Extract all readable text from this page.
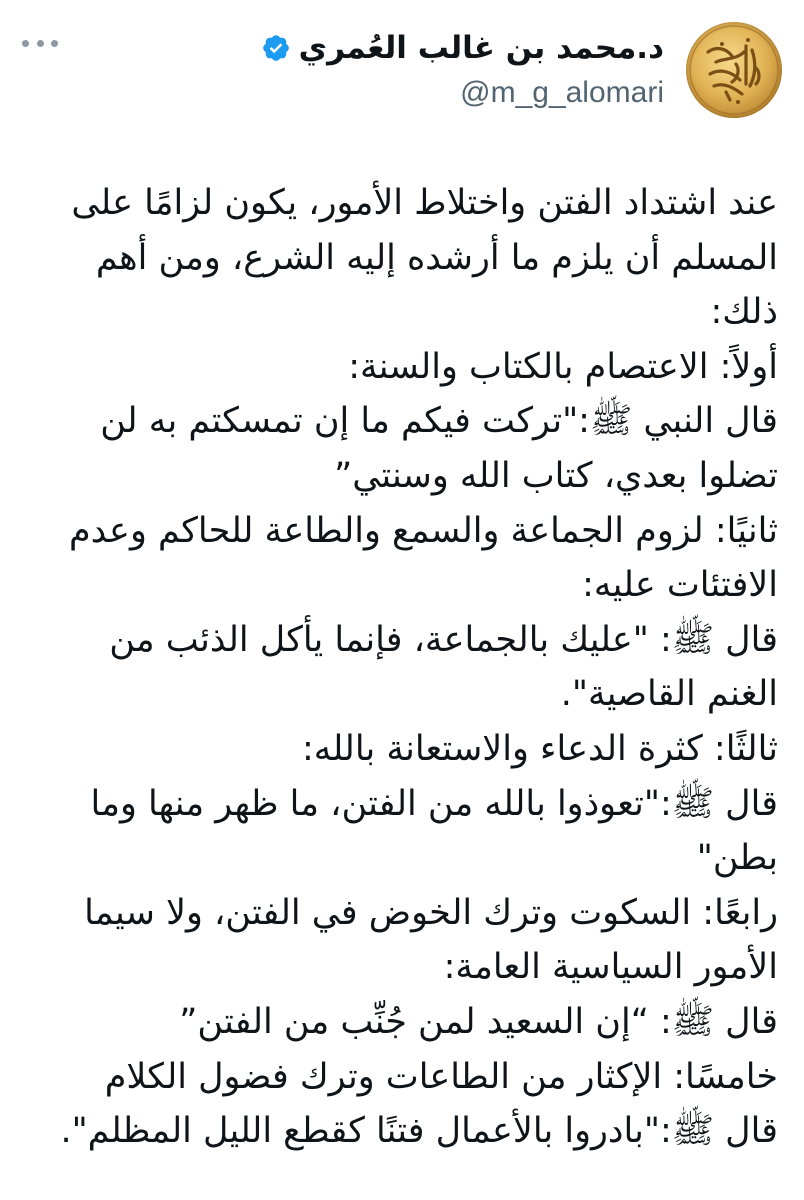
د.محمد بن غالب العُمري
@m_g_alomari
عند اشتداد الفتن واختلاط الأمور، يكون لزامًا على
المسلم أن يلزم ما أرشده إليه الشرع، ومن أهم
ذلك:
أولاً: الاعتصام بالكتاب والسنة:
قال النبي ﷺ:"تركت فيكم ما إن تمسكتم به لن
تضلوا بعدي، كتاب الله وسنتي”
ثانيًا: لزوم الجماعة والسمع والطاعة للحاكم وعدم
الافتئات عليه:
قال ﷺ: "عليك بالجماعة، فإنما يأكل الذئب من
الغنم القاصية".
ثالثًا: كثرة الدعاء والاستعانة بالله:
قال ﷺ:"تعوذوا بالله من الفتن، ما ظهر منها وما
بطن"
رابعًا: السكوت وترك الخوض في الفتن، ولا سيما
الأمور السياسية العامة:
قال ﷺ: “إن السعيد لمن جُنِّب من الفتن”
خامسًا: الإكثار من الطاعات وترك فضول الكلام
قال ﷺ:"بادروا بالأعمال فتنًا كقطع الليل المظلم".
